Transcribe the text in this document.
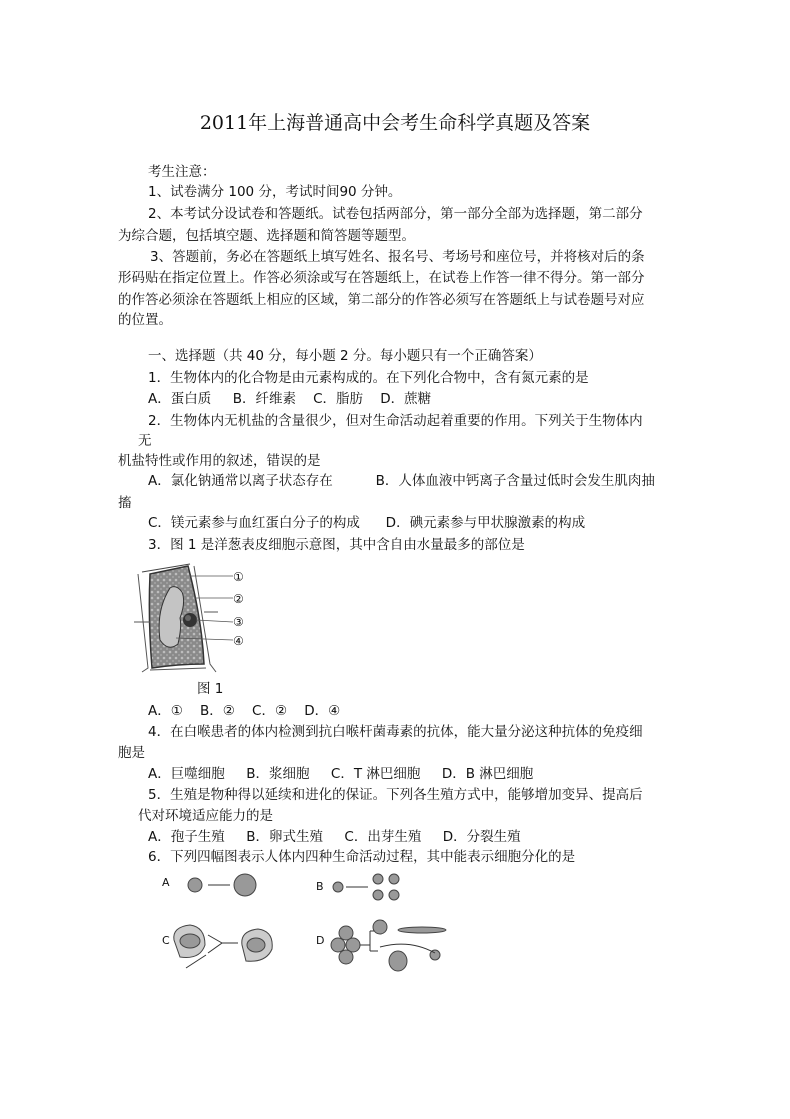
2011年上海普通高中会考生命科学真题及答案
考生注意：
1、试卷满分 100 分，考试时间90 分钟。
2、本考试分设试卷和答题纸。试卷包括两部分，第一部分全部为选择题，第二部分
为综合题，包括填空题、选择题和简答题等题型。
3、答题前，务必在答题纸上填写姓名、报名号、考场号和座位号，并将核对后的条
形码贴在指定位置上。作答必须涂或写在答题纸上，在试卷上作答一律不得分。第一部分
的作答必须涂在答题纸上相应的区域，第二部分的作答必须写在答题纸上与试卷题号对应
的位置。
一、选择题（共 40 分，每小题 2 分。每小题只有一个正确答案）
1．生物体内的化合物是由元素构成的。在下列化合物中，含有氮元素的是
A．蛋白质     B．纤维素    C．脂肪    D．蔗糖
2．生物体内无机盐的含量很少，但对生命活动起着重要的作用。下列关于生物体内
无
机盐特性或作用的叙述，错误的是
A．氯化钠通常以离子状态存在          B．人体血液中钙离子含量过低时会发生肌肉抽
搐
C．镁元素参与血红蛋白分子的构成      D．碘元素参与甲状腺激素的构成
3．图 1 是洋葱表皮细胞示意图，其中含自由水量最多的部位是
①
②
③
④
图 1
A．①    B．②    C．②    D．④
4．在白喉患者的体内检测到抗白喉杆菌毒素的抗体，能大量分泌这种抗体的免疫细
胞是
A．巨噬细胞     B．浆细胞     C．T 淋巴细胞     D．B 淋巴细胞
5．生殖是物种得以延续和进化的保证。下列各生殖方式中，能够增加变异、提高后
代对环境适应能力的是
A．孢子生殖     B．卵式生殖     C．出芽生殖     D．分裂生殖
6．下列四幅图表示人体内四种生命活动过程，其中能表示细胞分化的是
A	B
C	D
